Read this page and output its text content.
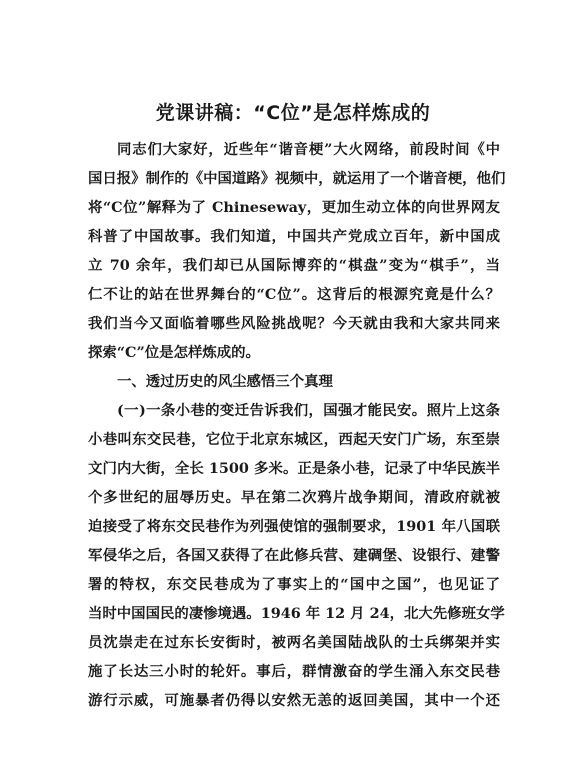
党课讲稿：“C位”是怎样炼成的
同志们大家好，近些年“谐音梗”大火网络，前段时间《中
国日报》制作的《中国道路》视频中，就运用了一个谐音梗，他们
将“C位”解释为了 Chineseway，更加生动立体的向世界网友
科普了中国故事。我们知道，中国共产党成立百年，新中国成
立 70 余年，我们却已从国际博弈的“棋盘”变为“棋手”，当
仁不让的站在世界舞台的“C位”。这背后的根源究竟是什么？
我们当今又面临着哪些风险挑战呢？今天就由我和大家共同来
探索“C”位是怎样炼成的。
一、透过历史的风尘感悟三个真理
(一)一条小巷的变迁告诉我们，国强才能民安。照片上这条
小巷叫东交民巷，它位于北京东城区，西起天安门广场，东至崇
文门内大街，全长 1500 多米。正是条小巷，记录了中华民族半
个多世纪的屈辱历史。早在第二次鸦片战争期间，清政府就被
迫接受了将东交民巷作为列强使馆的强制要求，1901 年八国联
军侵华之后，各国又获得了在此修兵营、建碉堡、设银行、建警
署的特权，东交民巷成为了事实上的“国中之国”，也见证了
当时中国国民的凄惨境遇。1946 年 12 月 24，北大先修班女学
员沈崇走在过东长安街时，被两名美国陆战队的士兵绑架并实
施了长达三小时的轮奸。事后，群情激奋的学生涌入东交民巷
游行示威，可施暴者仍得以安然无恙的返回美国，其中一个还
